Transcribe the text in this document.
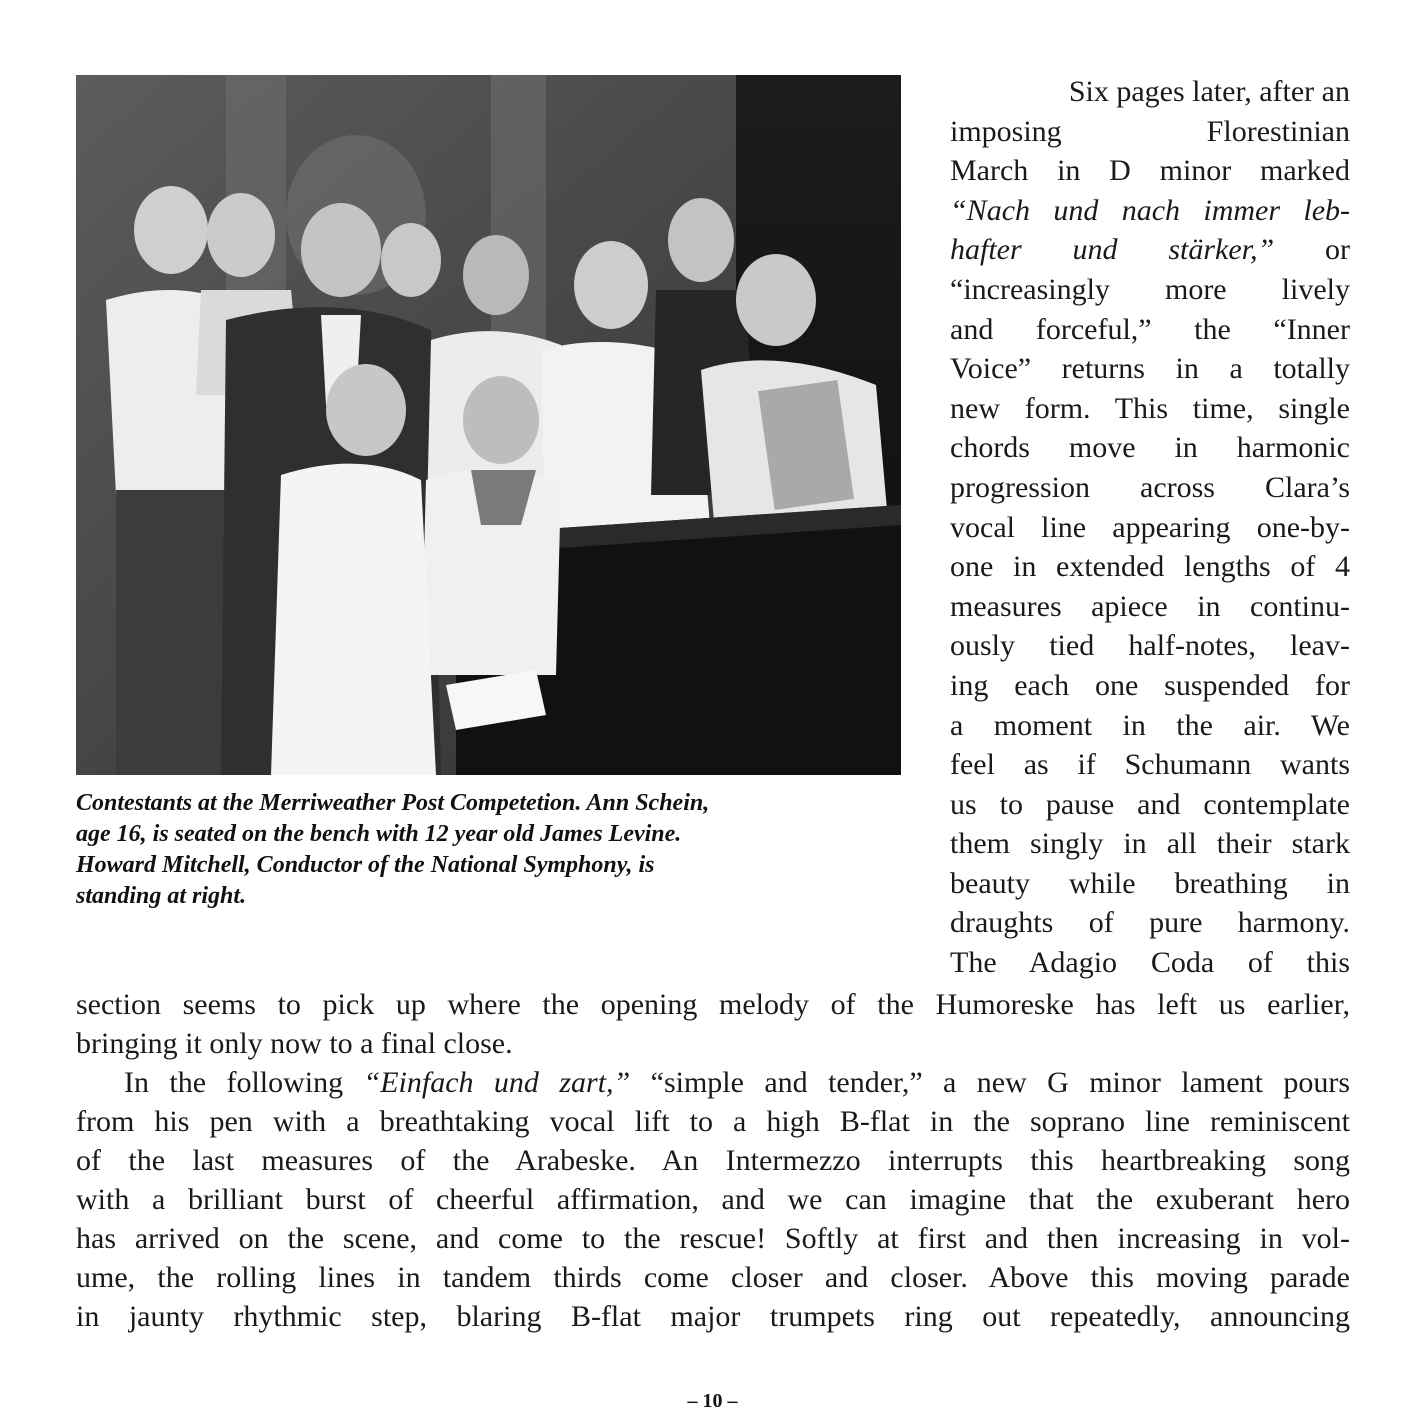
Contestants at the Merriweather Post Competetion. Ann Schein,
age 16, is seated on the bench with 12 year old James Levine.
Howard Mitchell, Conductor of the National Symphony, is
standing at right.
Six pages later, after an
imposing Florestinian
March in D minor marked
“Nach und nach immer leb-
hafter und stärker,” or
“increasingly more lively
and forceful,” the “Inner
Voice” returns in a totally
new form. This time, single
chords move in harmonic
progression across Clara’s
vocal line appearing one-by-
one in extended lengths of 4
measures apiece in continu-
ously tied half-notes, leav-
ing each one suspended for
a moment in the air. We
feel as if Schumann wants
us to pause and contemplate
them singly in all their stark
beauty while breathing in
draughts of pure harmony.
The Adagio Coda of this
section seems to pick up where the opening melody of the Humoreske has left us earlier,
bringing it only now to a final close.
In the following “Einfach und zart,” “simple and tender,” a new G minor lament pours
from his pen with a breathtaking vocal lift to a high B-flat in the soprano line reminiscent
of the last measures of the Arabeske. An Intermezzo interrupts this heartbreaking song
with a brilliant burst of cheerful affirmation, and we can imagine that the exuberant hero
has arrived on the scene, and come to the rescue! Softly at first and then increasing in vol-
ume, the rolling lines in tandem thirds come closer and closer. Above this moving parade
in jaunty rhythmic step, blaring B-flat major trumpets ring out repeatedly, announcing
– 10 –
